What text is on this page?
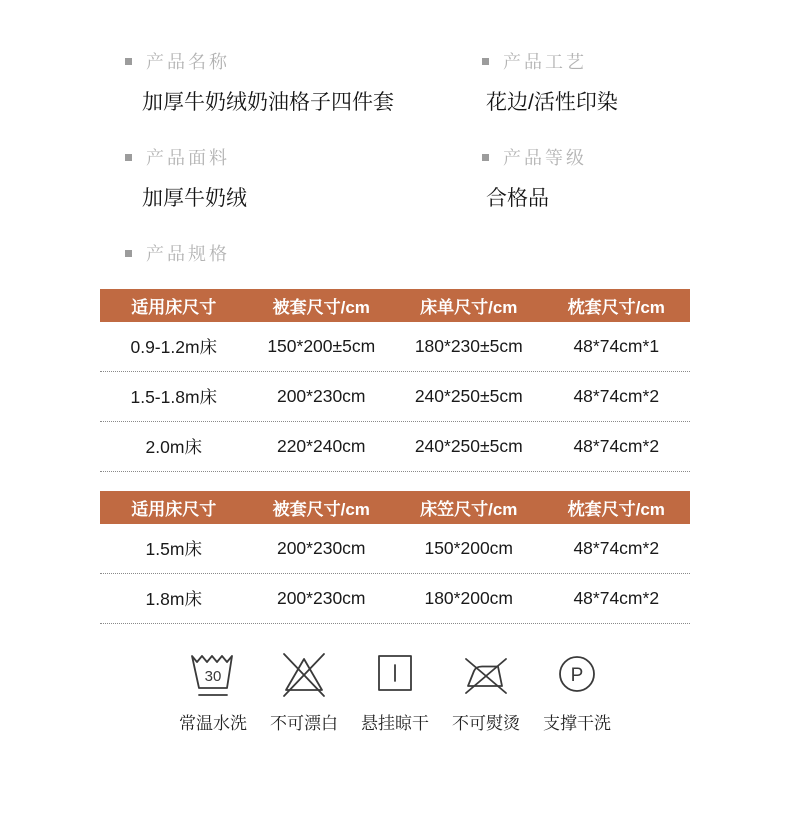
产品名称
加厚牛奶绒奶油格子四件套
产品工艺
花边/活性印染
产品面料
加厚牛奶绒
产品等级
合格品
产品规格
适用床尺寸	被套尺寸/cm	床单尺寸/cm	枕套尺寸/cm
0.9-1.2m床	150*200±5cm	180*230±5cm	48*74cm*1
1.5-1.8m床	200*230cm	240*250±5cm	48*74cm*2
2.0m床	220*240cm	240*250±5cm	48*74cm*2
适用床尺寸	被套尺寸/cm	床笠尺寸/cm	枕套尺寸/cm
1.5m床	200*230cm	150*200cm	48*74cm*2
1.8m床	200*230cm	180*200cm	48*74cm*2
30
常温水洗 不可漂白 悬挂晾干 不可熨烫
P
支撑干洗
